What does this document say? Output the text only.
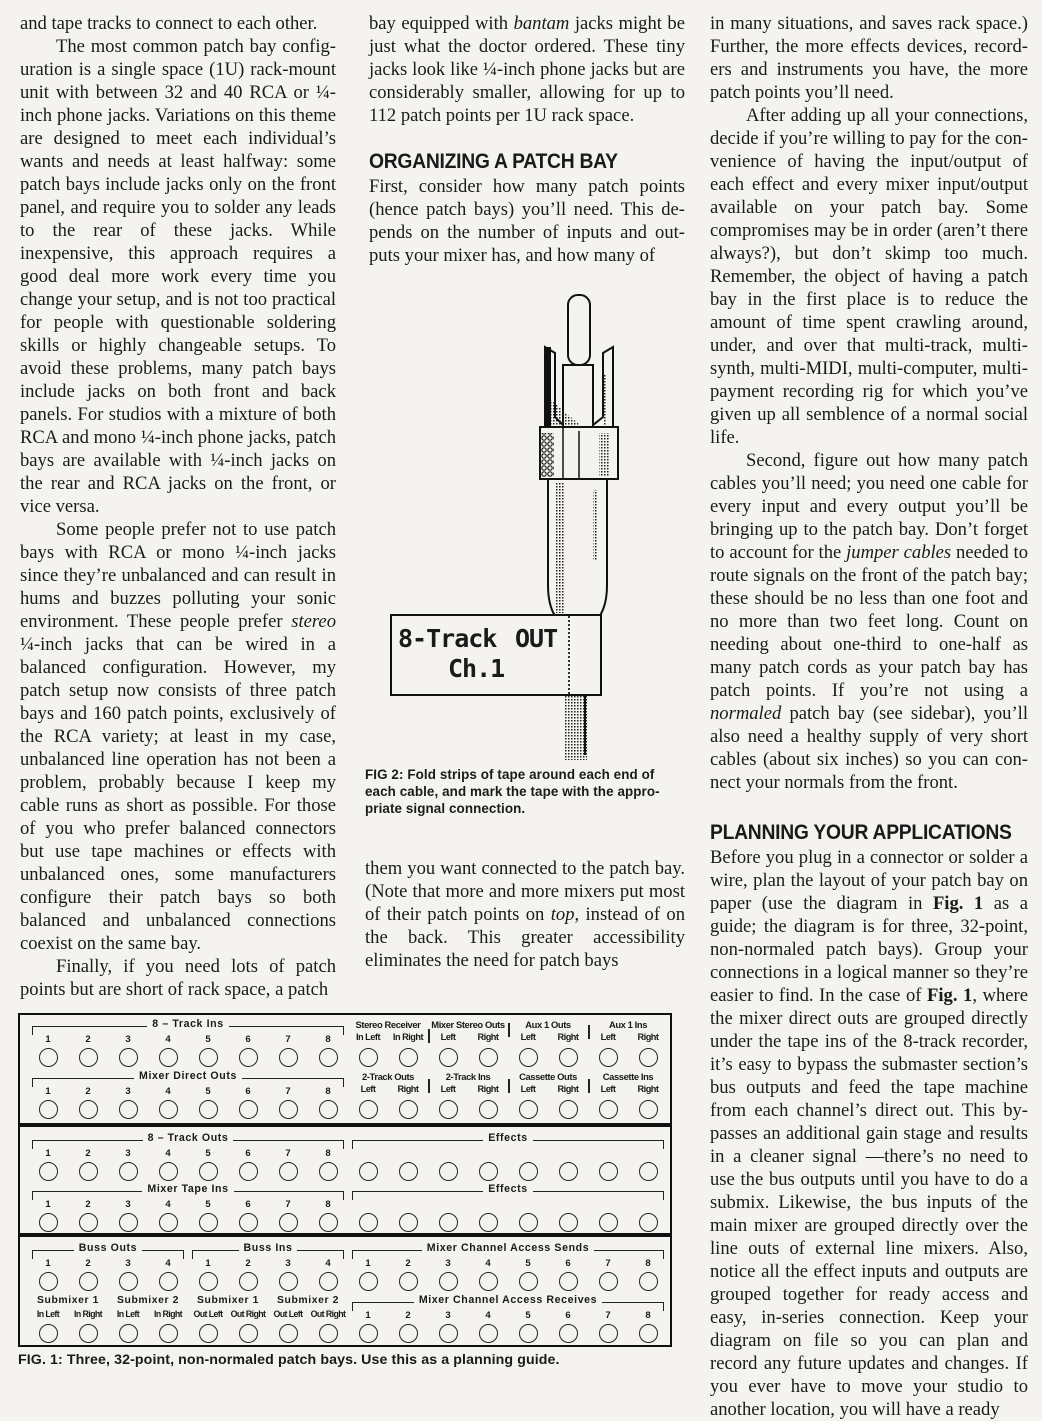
and tape tracks to connect to each other.

The most common patch bay configuration is a single space (1U) rack-mount unit with between 32 and 40 RCA or ¼-inch phone jacks. Variations on this theme are designed to meet each individual’s wants and needs at least halfway: some patch bays include jacks only on the front panel, and require you to solder any leads to the rear of these jacks. While inexpensive, this approach requires a good deal more work every time you change your setup, and is not too practical for people with questionable soldering skills or highly changeable setups. To avoid these problems, many patch bays include jacks on both front and back panels. For studios with a mixture of both RCA and mono ¼-inch phone jacks, patch bays are available with ¼-inch jacks on the rear and RCA jacks on the front, or vice versa.

Some people prefer not to use patch bays with RCA or mono ¼-inch jacks since they’re unbalanced and can result in hums and buzzes polluting your sonic environment. These people prefer stereo ¼-inch jacks that can be wired in a balanced configuration. However, my patch setup now consists of three patch bays and 160 patch points, exclusively of the RCA variety; at least in my case, unbalanced line operation has not been a problem, probably because I keep my cable runs as short as possible. For those of you who prefer balanced connectors but use tape machines or effects with unbalanced ones, some manufacturers configure their patch bays so both balanced and unbalanced connections coexist on the same bay.

Finally, if you need lots of patch points but are short of rack space, a patch

bay equipped with bantam jacks might be just what the doctor ordered. These tiny jacks look like ¼-inch phone jacks but are considerably smaller, allowing for up to 112 patch points per 1U rack space.

ORGANIZING A PATCH BAY

First, consider how many patch points (hence patch bays) you’ll need. This depends on the number of inputs and outputs your mixer has, and how many of

8-Track OUT
Ch.1
FIG 2: Fold strips of tape around each end of each cable, and mark the tape with the appropriate signal connection.

them you want connected to the patch bay. (Note that more and more mixers put most of their patch points on top, instead of on the back. This greater accessibility eliminates the need for patch bays

in many situations, and saves rack space.) Further, the more effects devices, recorders and instruments you have, the more patch points you’ll need.

After adding up all your connections, decide if you’re willing to pay for the convenience of having the input/output of each effect and every mixer input/output available on your patch bay. Some compromises may be in order (aren’t there always?), but don’t skimp too much. Remember, the object of having a patch bay in the first place is to reduce the amount of time spent crawling around, under, and over that multi-track, multi-synth, multi-MIDI, multi-computer, multi-payment recording rig for which you’ve given up all semblence of a normal social life.

Second, figure out how many patch cables you’ll need; you need one cable for every input and every output you’ll be bringing up to the patch bay. Don’t forget to account for the jumper cables needed to route signals on the front of the patch bay; these should be no less than one foot and no more than two feet long. Count on needing about one-third to one-half as many patch cords as your patch bay has patch points. If you’re not using a normaled patch bay (see sidebar), you’ll also need a healthy supply of very short cables (about six inches) so you can connect your normals from the front.

PLANNING YOUR APPLICATIONS

Before you plug in a connector or solder a wire, plan the layout of your patch bay on paper (use the diagram in Fig. 1 as a guide; the diagram is for three, 32-point, non-normaled patch bays). Group your connections in a logical manner so they’re easier to find. In the case of Fig. 1, where the mixer direct outs are grouped directly under the tape ins of the 8-track recorder, it’s easy to bypass the submaster section’s bus outputs and feed the tape machine from each channel’s direct out. This bypasses an additional gain stage and results in a cleaner signal —there’s no need to use the bus outputs until you have to do a submix. Likewise, the bus inputs of the main mixer are grouped directly over the line outs of external line mixers. Also, notice all the effect inputs and outputs are grouped together for ready access and easy, in-series connection. Keep your diagram on file so you can plan and record any future updates and changes. If you ever have to move your studio to another location, you will have a ready

8 – Track Ins
1	2	3	4	5	6	7	8
Stereo Receiver
In Left	In Right
Mixer Stereo Outs
Left	Right
Aux 1 Outs
Left	Right
Aux 1 Ins
Left	Right
Mixer Direct Outs
1	2	3	4	5	6	7	8
2-Track Outs
Left	Right
2-Track Ins
Left	Right
Cassette Outs
Left	Right
Cassette Ins
Left	Right
8 – Track Outs
1	2	3	4	5	6	7	8
Effects
Mixer Tape Ins
1	2	3	4	5	6	7	8
Effects
Buss Outs
1	2	3	4
Buss Ins
1	2	3	4
Mixer Channel Access Sends
1	2	3	4	5	6	7	8
Submixer 1
In Left	In Right
Submixer 2
In Left	In Right
Submixer 1
Out Left Out Right
Submixer 2
Out Left Out Right
Mixer Channel Access Receives
1	2	3	4	5	6	7	8
FIG. 1: Three, 32-point, non-normaled patch bays. Use this as a planning guide.
